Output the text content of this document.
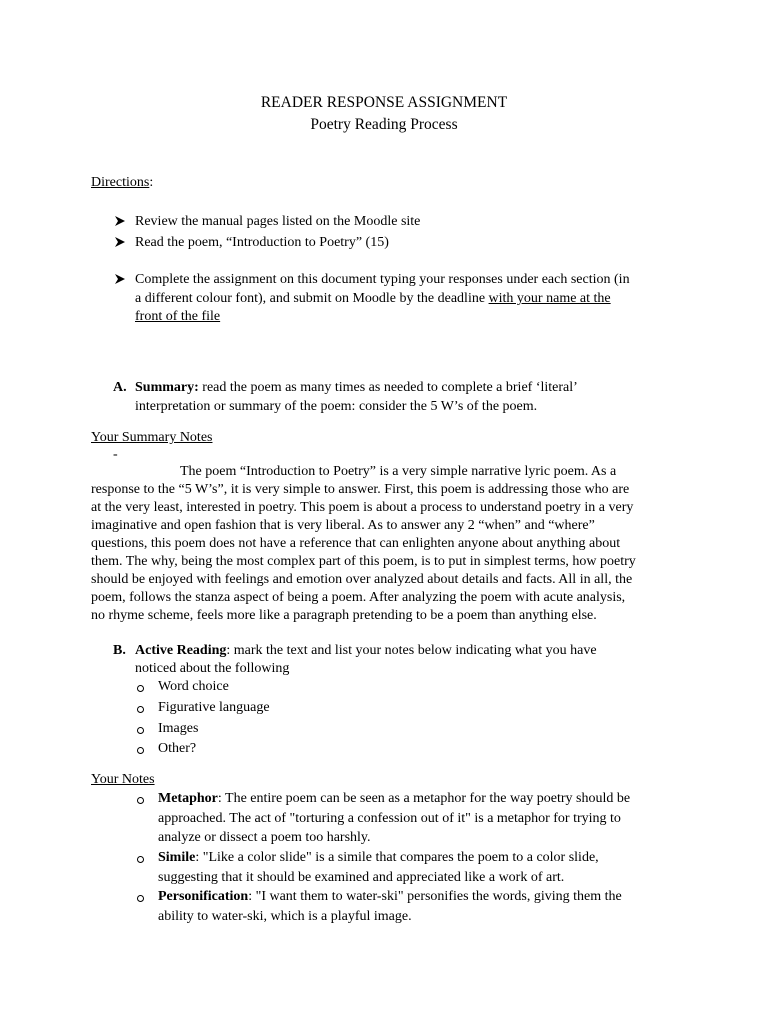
READER RESPONSE ASSIGNMENT
Poetry Reading Process
Directions:
Review the manual pages listed on the Moodle site
Read the poem, “Introduction to Poetry” (15)
Complete the assignment on this document typing your responses under each section (in
a different colour font), and submit on Moodle by the deadline with your name at the
front of the file
A. Summary: read the poem as many times as needed to complete a brief ‘literal’
interpretation or summary of the poem: consider the 5 W’s of the poem.
Your Summary Notes
-
The poem “Introduction to Poetry” is a very simple narrative lyric poem. As a
response to the “5 W’s”, it is very simple to answer. First, this poem is addressing those who are
at the very least, interested in poetry. This poem is about a process to understand poetry in a very
imaginative and open fashion that is very liberal. As to answer any 2 “when” and “where”
questions, this poem does not have a reference that can enlighten anyone about anything about
them. The why, being the most complex part of this poem, is to put in simplest terms, how poetry
should be enjoyed with feelings and emotion over analyzed about details and facts. All in all, the
poem, follows the stanza aspect of being a poem. After analyzing the poem with acute analysis,
no rhyme scheme, feels more like a paragraph pretending to be a poem than anything else.
B. Active Reading: mark the text and list your notes below indicating what you have
noticed about the following
Word choice
Figurative language
Images
Other?
Your Notes
Metaphor: The entire poem can be seen as a metaphor for the way poetry should be
approached. The act of "torturing a confession out of it" is a metaphor for trying to
analyze or dissect a poem too harshly.
Simile: "Like a color slide" is a simile that compares the poem to a color slide,
suggesting that it should be examined and appreciated like a work of art.
Personification: "I want them to water-ski" personifies the words, giving them the
ability to water-ski, which is a playful image.
